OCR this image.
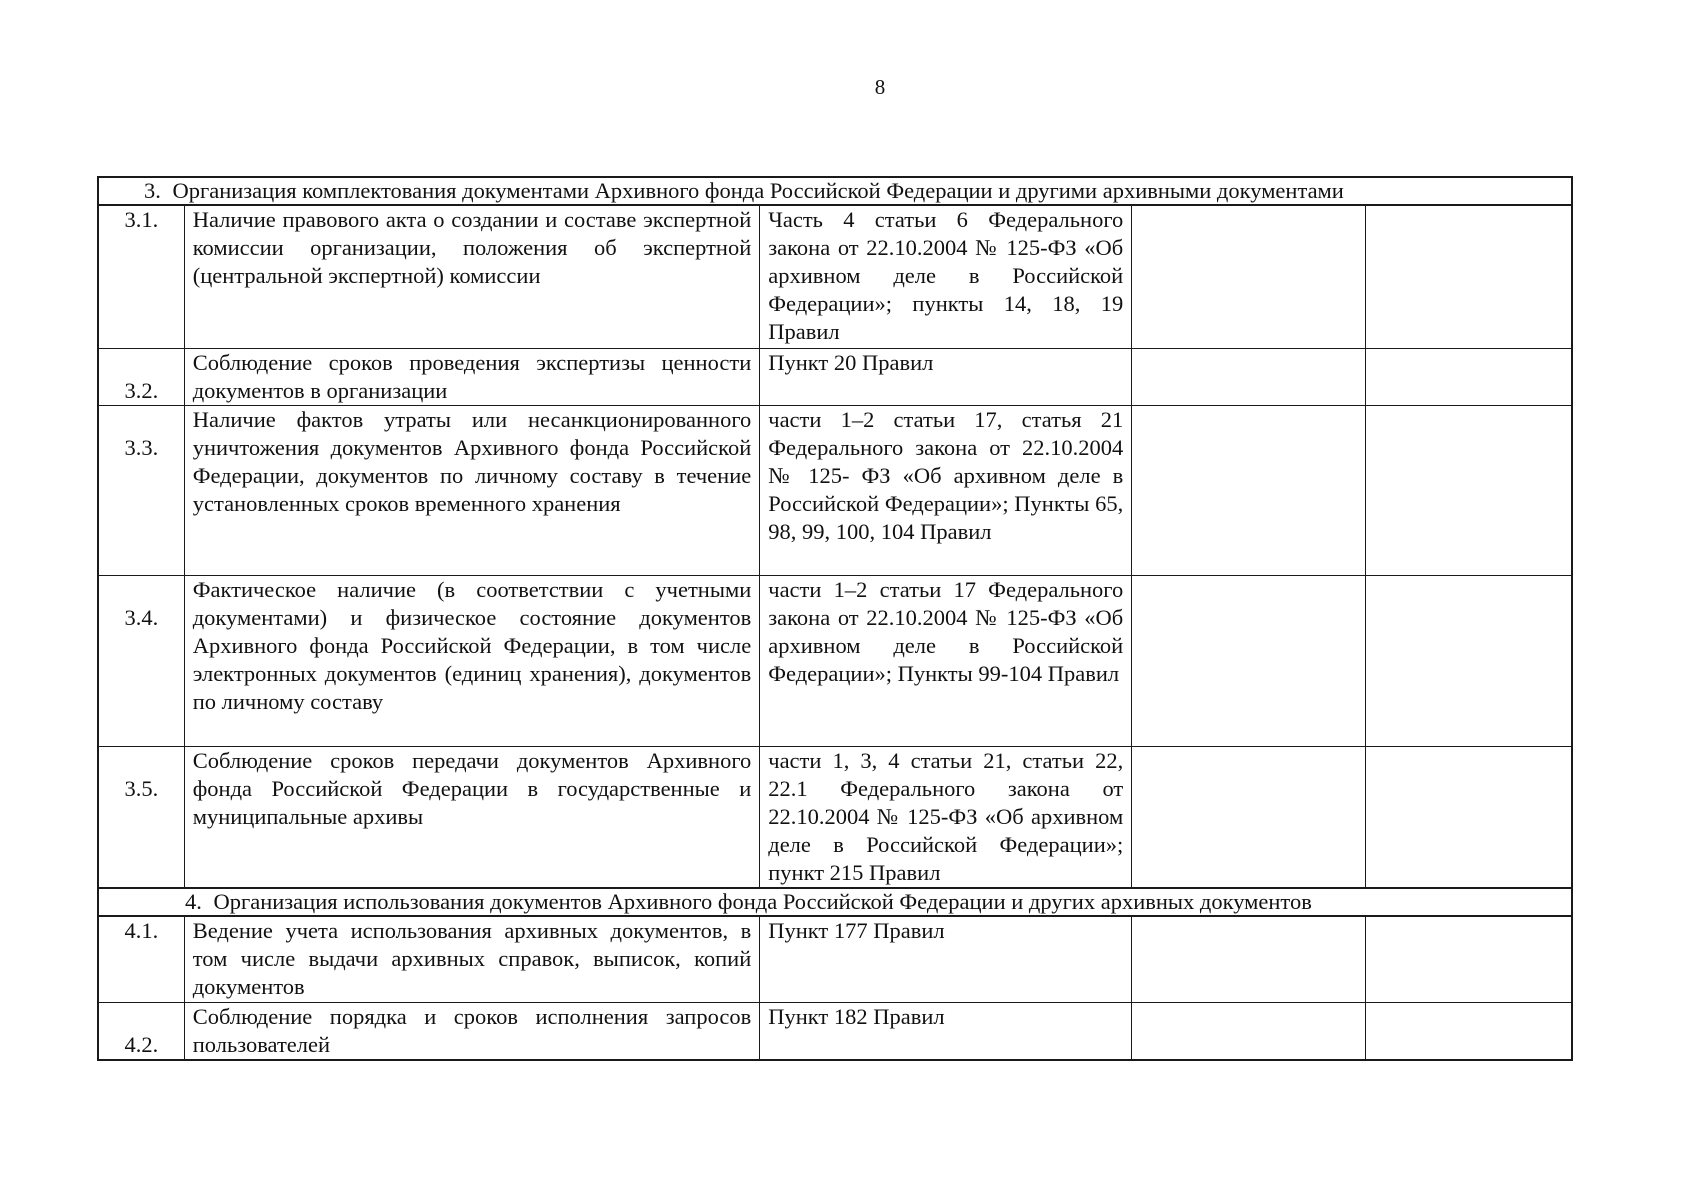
8
3. Организация комплектования документами Архивного фонда Российской Федерации и другими архивными документами				
3.1.	Наличие правового акта о создании и составе экспертной комиссии организации, положения об экспертной (центральной экспертной) комиссии	Часть 4 статьи 6 Федерального закона от 22.10.2004 № 125-ФЗ «Об архивном деле в Российской Федерации»; пункты 14, 18, 19 Правил		
3.2.	Соблюдение сроков проведения экспертизы ценности документов в организации	Пункт 20 Правил		
3.3.	Наличие фактов утраты или несанкционированного уничтожения документов Архивного фонда Российской Федерации, документов по личному составу в течение установленных сроков временного хранения	части 1–2 статьи 17, статья 21 Федерального закона от 22.10.2004 № 125- ФЗ «Об архивном деле в Российской Федерации»; Пункты 65, 98, 99, 100, 104 Правил		
3.4.	Фактическое наличие (в соответствии с учетными документами) и физическое состояние документов Архивного фонда Российской Федерации, в том числе электронных документов (единиц хранения), документов по личному составу	части 1–2 статьи 17 Федерального закона от 22.10.2004 № 125-ФЗ «Об архивном деле в Российской Федерации»; Пункты 99-104 Правил		
3.5.	Соблюдение сроков передачи документов Архивного фонда Российской Федерации в государственные и муниципальные архивы	части 1, 3, 4 статьи 21, статьи 22, 22.1 Федерального закона от 22.10.2004 № 125-ФЗ «Об архивном деле в Российской Федерации»; пункт 215 Правил		
4. Организация использования документов Архивного фонда Российской Федерации и других архивных документов				
4.1.	Ведение учета использования архивных документов, в том числе выдачи архивных справок, выписок, копий документов	Пункт 177 Правил		
4.2.	Соблюдение порядка и сроков исполнения запросов пользователей	Пункт 182 Правил		
